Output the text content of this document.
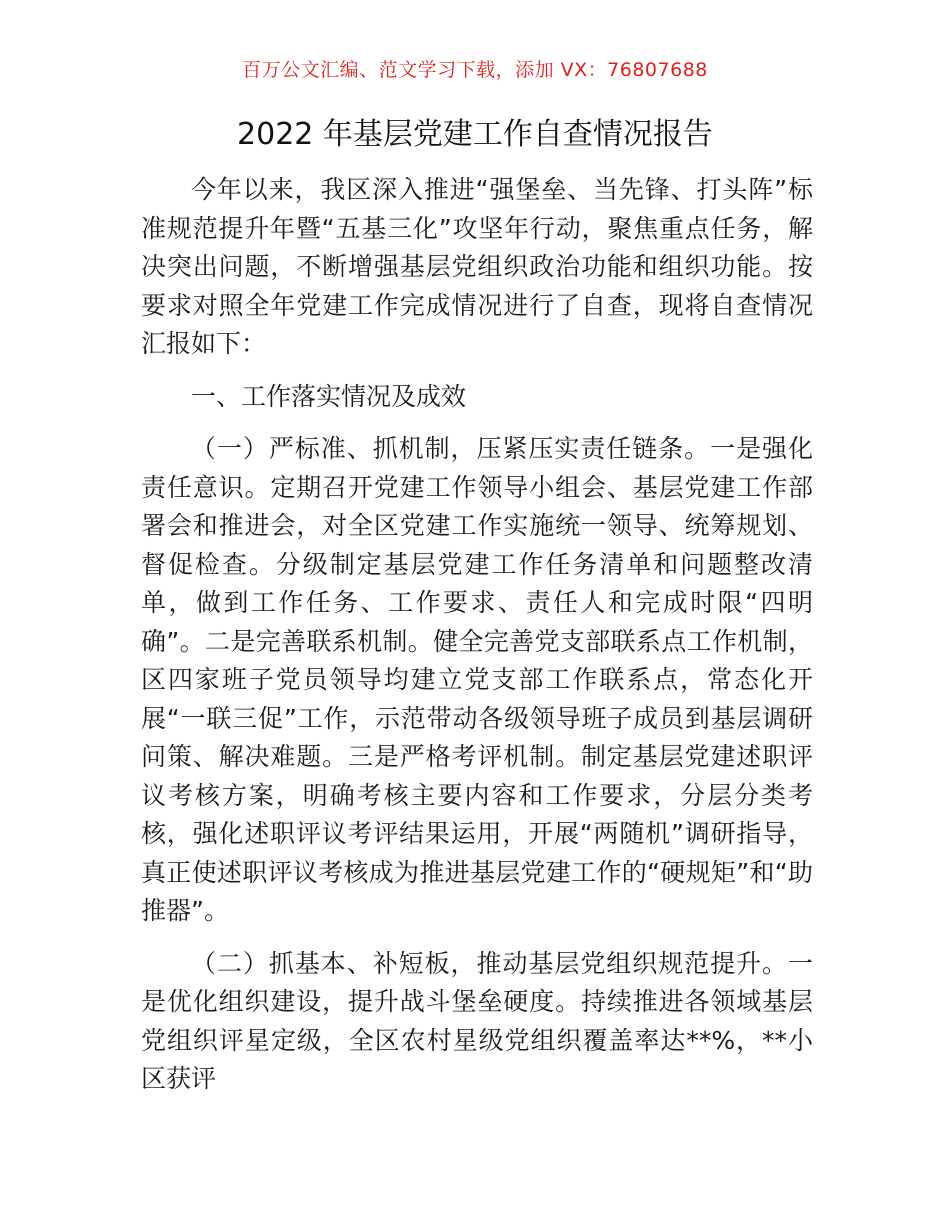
百万公文汇编、范文学习下载，添加 VX：76807688
2022 年基层党建工作自查情况报告

今年以来，我区深入推进“强堡垒、当先锋、打头阵”标准规范提升年暨“五基三化”攻坚年行动，聚焦重点任务，解决突出问题，不断增强基层党组织政治功能和组织功能。按要求对照全年党建工作完成情况进行了自查，现将自查情况汇报如下：

一、工作落实情况及成效

（一）严标准、抓机制，压紧压实责任链条。一是强化责任意识。定期召开党建工作领导小组会、基层党建工作部署会和推进会，对全区党建工作实施统一领导、统筹规划、督促检查。分级制定基层党建工作任务清单和问题整改清单，做到工作任务、工作要求、责任人和完成时限“四明确”。二是完善联系机制。健全完善党支部联系点工作机制，区四家班子党员领导均建立党支部工作联系点，常态化开展“一联三促”工作，示范带动各级领导班子成员到基层调研问策、解决难题。三是严格考评机制。制定基层党建述职评议考核方案，明确考核主要内容和工作要求，分层分类考核，强化述职评议考评结果运用，开展“两随机”调研指导，真正使述职评议考核成为推进基层党建工作的“硬规矩”和“助推器”。

（二）抓基本、补短板，推动基层党组织规范提升。一是优化组织建设，提升战斗堡垒硬度。持续推进各领域基层党组织评星定级，全区农村星级党组织覆盖率达**%，**小区获评
